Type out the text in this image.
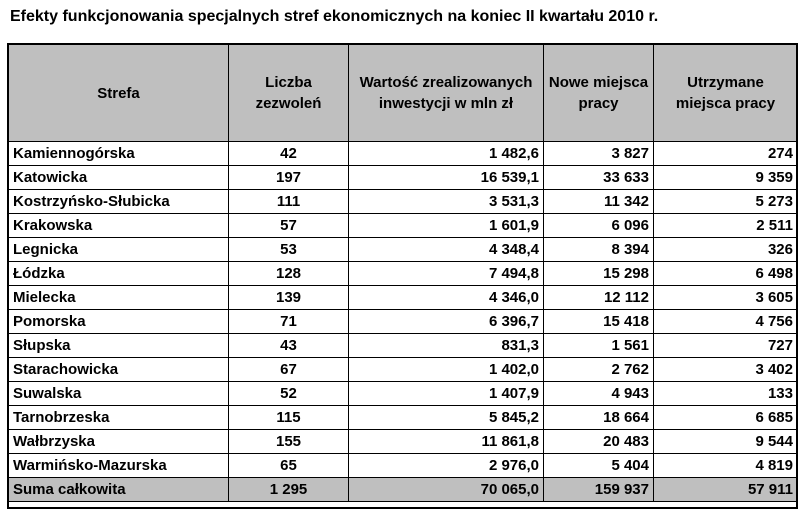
Efekty funkcjonowania specjalnych stref ekonomicznych na koniec II kwartału 2010 r.
Strefa	Liczba zezwoleń	Wartość zrealizowanych inwestycji w mln zł	Nowe miejsca pracy	Utrzymane miejsca pracy
Kamiennogórska	42	1 482,6	3 827	274
Katowicka	197	16 539,1	33 633	9 359
Kostrzyńsko-Słubicka	111	3 531,3	11 342	5 273
Krakowska	57	1 601,9	6 096	2 511
Legnicka	53	4 348,4	8 394	326
Łódzka	128	7 494,8	15 298	6 498
Mielecka	139	4 346,0	12 112	3 605
Pomorska	71	6 396,7	15 418	4 756
Słupska	43	831,3	1 561	727
Starachowicka	67	1 402,0	2 762	3 402
Suwalska	52	1 407,9	4 943	133
Tarnobrzeska	115	5 845,2	18 664	6 685
Wałbrzyska	155	11 861,8	20 483	9 544
Warmińsko-Mazurska	65	2 976,0	5 404	4 819
Suma całkowita	1 295	70 065,0	159 937	57 911
